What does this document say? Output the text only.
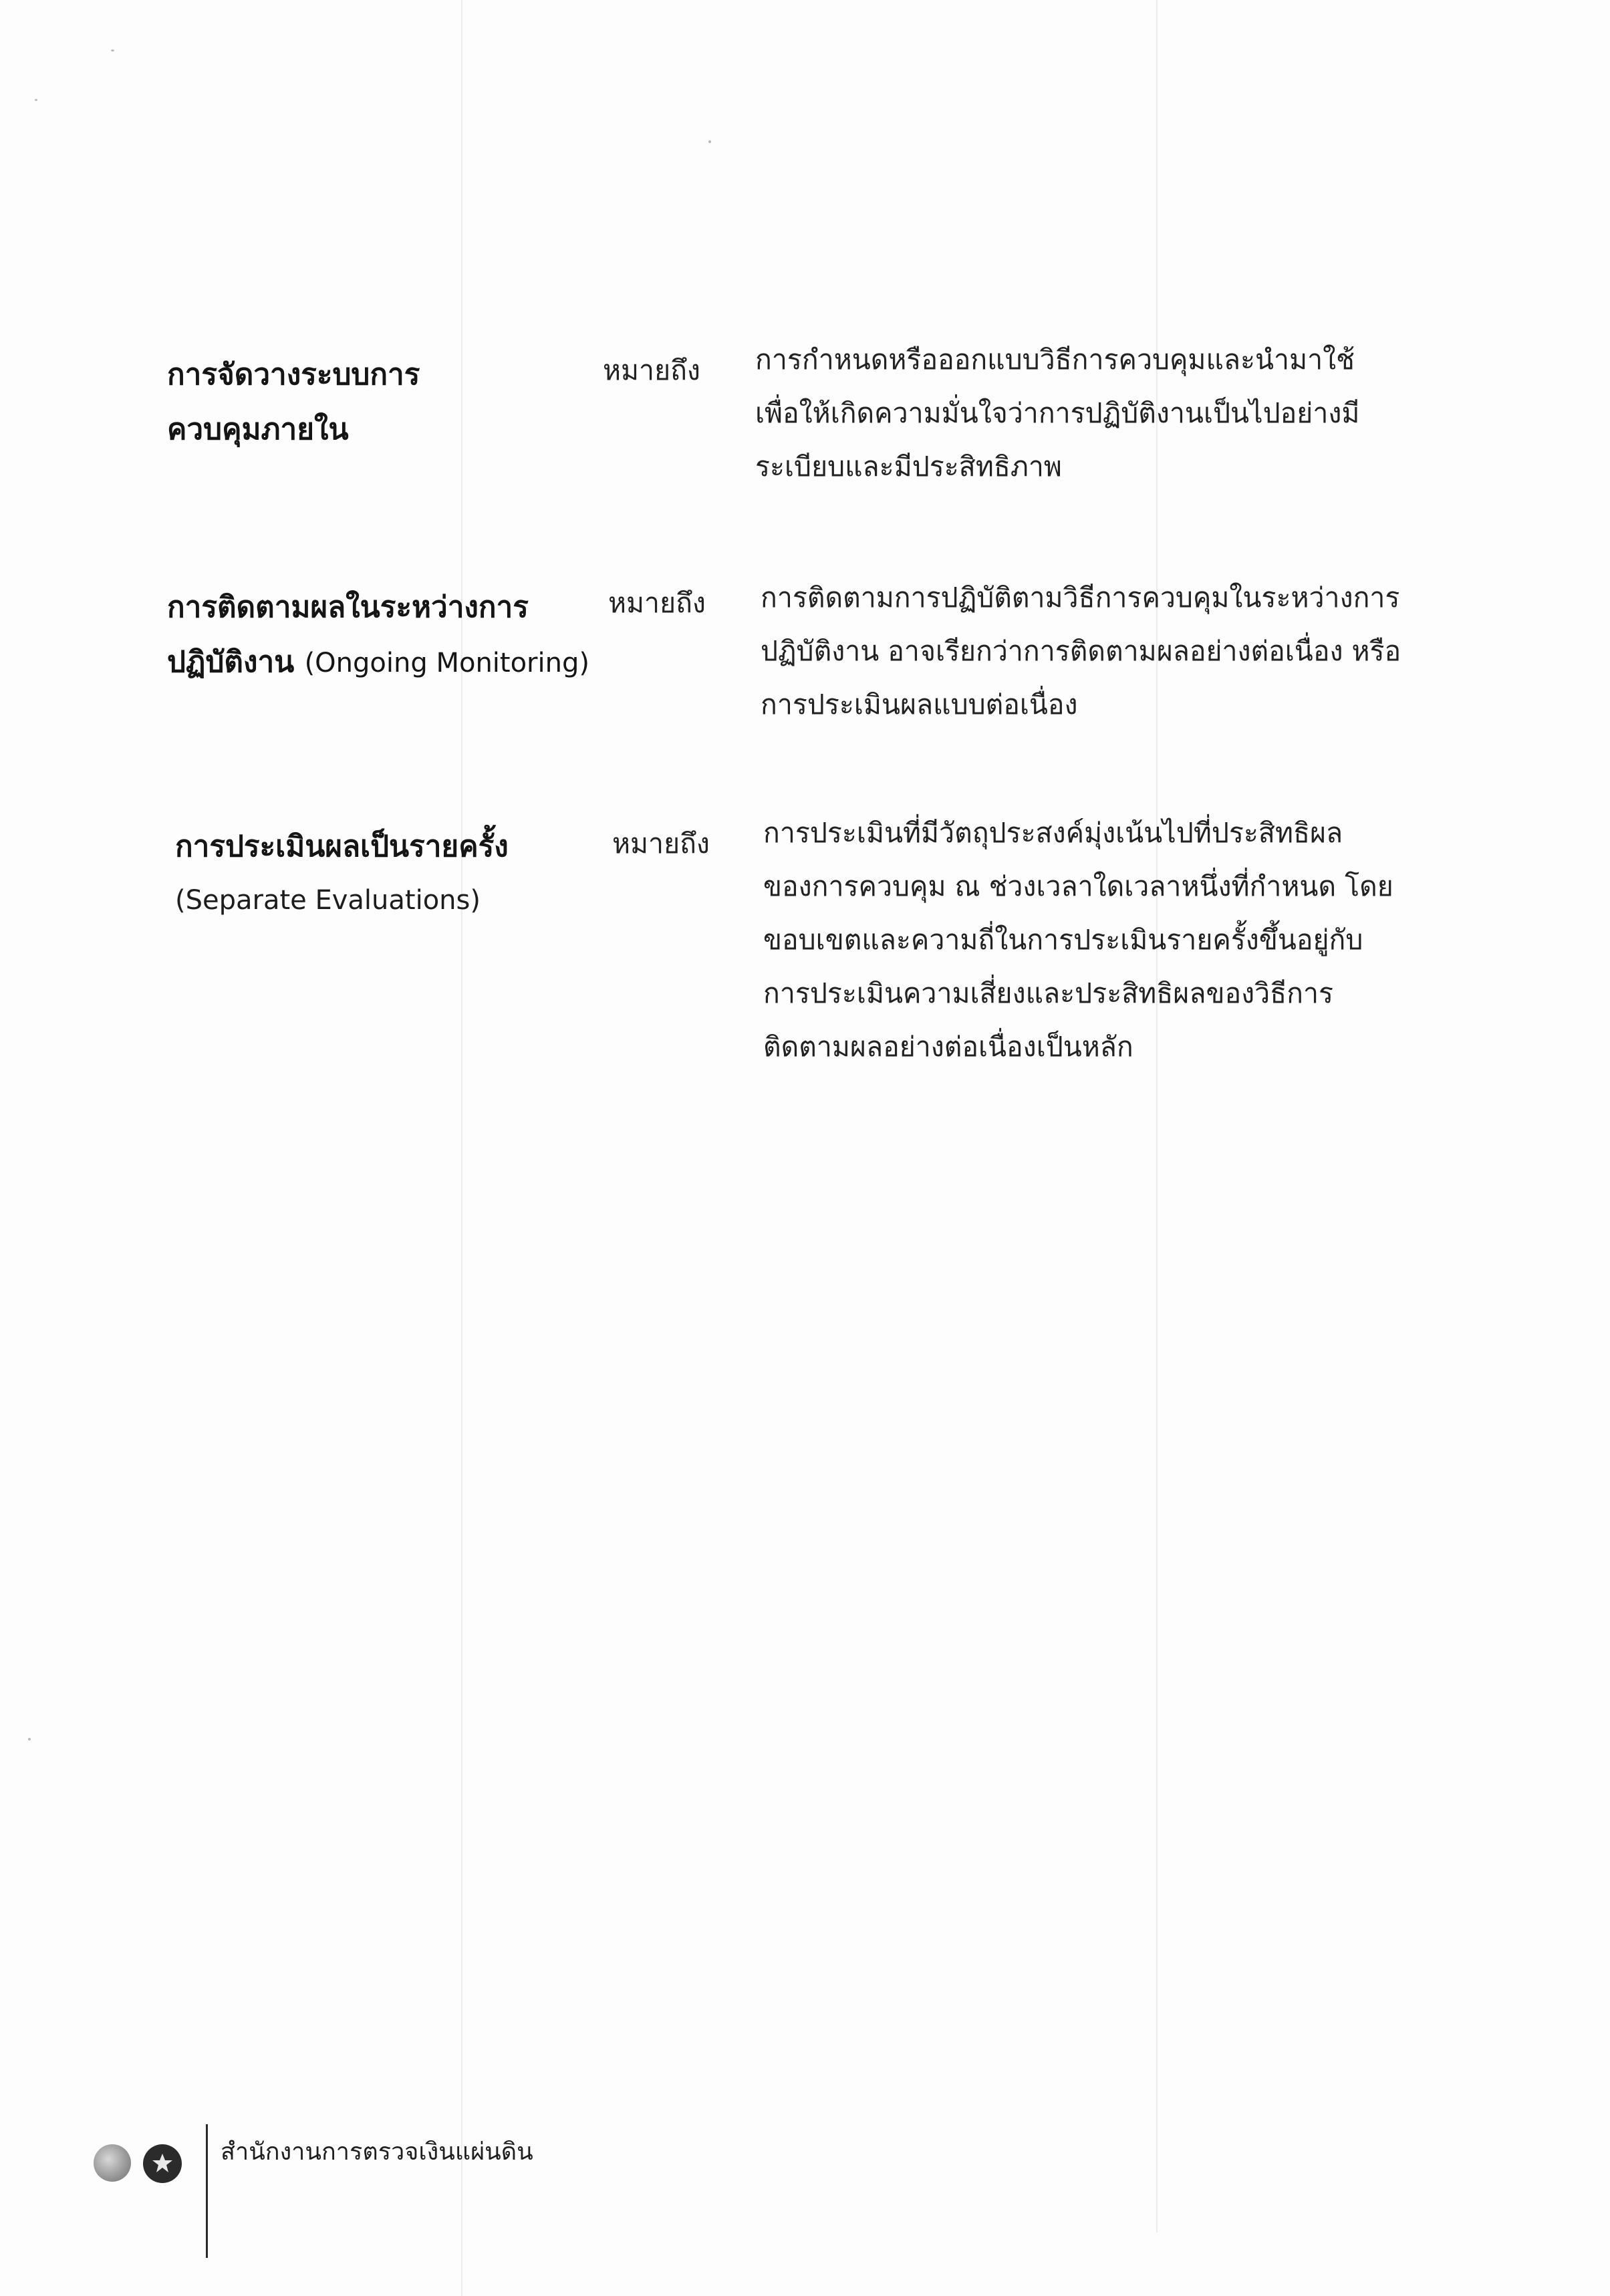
การจัดวางระบบการ
ควบคุมภายใน
หมายถึง	การกำหนดหรือออกแบบวิธีการควบคุมและนำมาใช้
เพื่อให้เกิดความมั่นใจว่าการปฏิบัติงานเป็นไปอย่างมี
ระเบียบและมีประสิทธิภาพ
การติดตามผลในระหว่างการ
ปฏิบัติงาน (Ongoing Monitoring)
หมายถึง	การติดตามการปฏิบัติตามวิธีการควบคุมในระหว่างการ
ปฏิบัติงาน อาจเรียกว่าการติดตามผลอย่างต่อเนื่อง หรือ
การประเมินผลแบบต่อเนื่อง
การประเมินผลเป็นรายครั้ง
(Separate Evaluations)
หมายถึง	การประเมินที่มีวัตถุประสงค์มุ่งเน้นไปที่ประสิทธิผล
ของการควบคุม ณ ช่วงเวลาใดเวลาหนึ่งที่กำหนด โดย
ขอบเขตและความถี่ในการประเมินรายครั้งขึ้นอยู่กับ
การประเมินความเสี่ยงและประสิทธิผลของวิธีการ
ติดตามผลอย่างต่อเนื่องเป็นหลัก
สำนักงานการตรวจเงินแผ่นดิน
